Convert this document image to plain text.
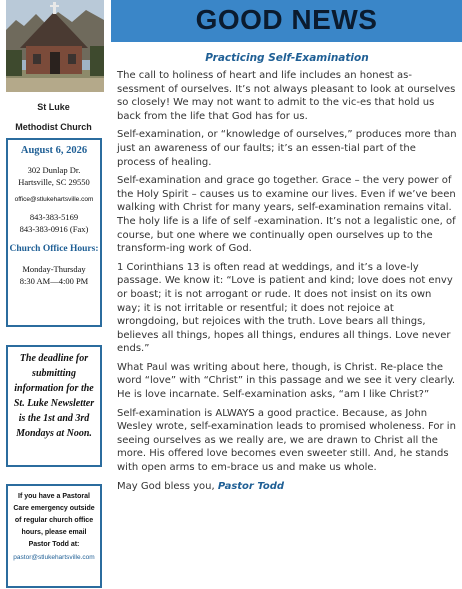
St Luke
Methodist Church
August 6, 2026
302 Dunlap Dr.
Hartsville, SC 29550
office@stlukehartsville.com
843-383-5169
843-383-0916 (Fax)
Church Office Hours:
Monday-Thursday
8:30 AM—4:00 PM

The deadline for submitting information for the St. Luke Newsletter is the 1st and 3rd Mondays at Noon.

If you have a Pastoral Care emergency outside of regular church office hours, please email Pastor Todd at:

pastor@stlukehartsville.com
GOOD NEWS
Practicing Self-Examination

The call to holiness of heart and life includes an honest as-sessment of ourselves. It’s not always pleasant to look at ourselves so closely! We may not want to admit to the vic-es that hold us back from the life that God has for us.

Self-examination, or “knowledge of ourselves,” produces more than just an awareness of our faults; it’s an essen-tial part of the process of healing.

Self-examination and grace go together. Grace – the very power of the Holy Spirit – causes us to examine our lives. Even if we’ve been walking with Christ for many years, self-examination remains vital. The holy life is a life of self -examination. It’s not a legalistic one, of course, but one where we continually open ourselves up to the transform-ing work of God.

1 Corinthians 13 is often read at weddings, and it’s a love-ly passage. We know it: “Love is patient and kind; love does not envy or boast; it is not arrogant or rude. It does not insist on its own way; it is not irritable or resentful; it does not rejoice at wrongdoing, but rejoices with the truth. Love bears all things, believes all things, hopes all things, endures all things. Love never ends.”

What Paul was writing about here, though, is Christ. Re-place the word “love” with “Christ” in this passage and we see it very clearly. He is love incarnate. Self-examination asks, “am I like Christ?”

Self-examination is ALWAYS a good practice. Because, as John Wesley wrote, self-examination leads to promised wholeness. For in seeing ourselves as we really are, we are drawn to Christ all the more. His offered love becomes even sweeter still. And, he stands with open arms to em-brace us and make us whole.

May God bless you, Pastor Todd
